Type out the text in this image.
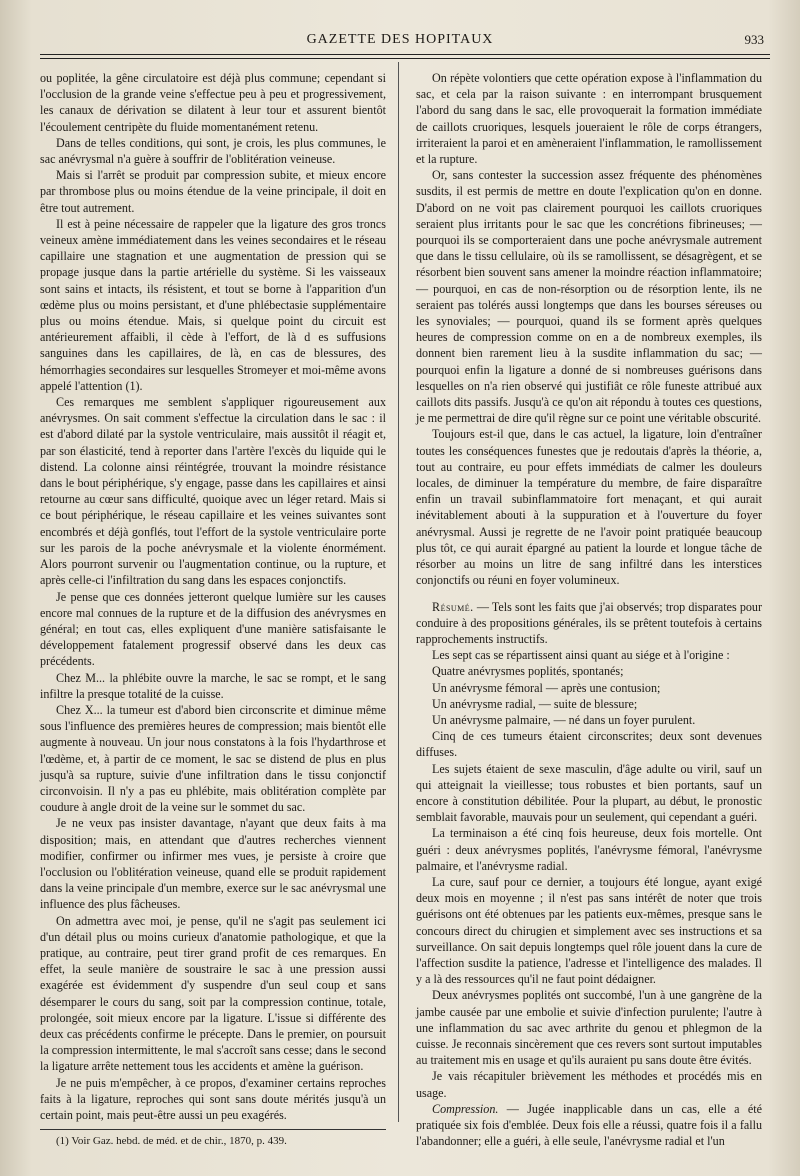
GAZETTE DES HOPITAUX	933

ou poplitée, la gêne circulatoire est déjà plus commune; cependant si l'occlusion de la grande veine s'effectue peu à peu et progressivement, les canaux de dérivation se dilatent à leur tour et assurent bientôt l'écoulement centripète du fluide momentanément retenu.

Dans de telles conditions, qui sont, je crois, les plus communes, le sac anévrysmal n'a guère à souffrir de l'oblitération veineuse.

Mais si l'arrêt se produit par compression subite, et mieux encore par thrombose plus ou moins étendue de la veine principale, il doit en être tout autrement.

Il est à peine nécessaire de rappeler que la ligature des gros troncs veineux amène immédiatement dans les veines secondaires et le réseau capillaire une stagnation et une augmentation de pression qui se propage jusque dans la partie artérielle du système. Si les vaisseaux sont sains et intacts, ils résistent, et tout se borne à l'apparition d'un œdème plus ou moins persistant, et d'une phlébectasie supplémentaire plus ou moins étendue. Mais, si quelque point du circuit est antérieurement affaibli, il cède à l'effort, de là d es suffusions sanguines dans les capillaires, de là, en cas de blessures, des hémorrhagies secondaires sur lesquelles Stromeyer et moi-même avons appelé l'attention (1).

Ces remarques me semblent s'appliquer rigoureusement aux anévrysmes. On sait comment s'effectue la circulation dans le sac : il est d'abord dilaté par la systole ventriculaire, mais aussitôt il réagit et, par son élasticité, tend à reporter dans l'artère l'excès du liquide qui le distend. La colonne ainsi réintégrée, trouvant la moindre résistance dans le bout périphérique, s'y engage, passe dans les capillaires et ainsi retourne au cœur sans difficulté, quoique avec un léger retard. Mais si ce bout périphérique, le réseau capillaire et les veines suivantes sont encombrés et déjà gonflés, tout l'effort de la systole ventriculaire porte sur les parois de la poche anévrysmale et la violente énormément. Alors pourront survenir ou l'augmentation continue, ou la rupture, et après celle-ci l'infiltration du sang dans les espaces conjonctifs.

Je pense que ces données jetteront quelque lumière sur les causes encore mal connues de la rupture et de la diffusion des anévrysmes en général; en tout cas, elles expliquent d'une manière satisfaisante le développement fatalement progressif observé dans les deux cas précédents.

Chez M... la phlébite ouvre la marche, le sac se rompt, et le sang infiltre la presque totalité de la cuisse.

Chez X... la tumeur est d'abord bien circonscrite et diminue même sous l'influence des premières heures de compression; mais bientôt elle augmente à nouveau. Un jour nous constatons à la fois l'hydarthrose et l'œdème, et, à partir de ce moment, le sac se distend de plus en plus jusqu'à sa rupture, suivie d'une infiltration dans le tissu conjonctif circonvoisin. Il n'y a pas eu phlébite, mais oblitération complète par coudure à angle droit de la veine sur le sommet du sac.

Je ne veux pas insister davantage, n'ayant que deux faits à ma disposition; mais, en attendant que d'autres recherches viennent modifier, confirmer ou infirmer mes vues, je persiste à croire que l'occlusion ou l'oblitération veineuse, quand elle se produit rapidement dans la veine principale d'un membre, exerce sur le sac anévrysmal une influence des plus fâcheuses.

On admettra avec moi, je pense, qu'il ne s'agit pas seulement ici d'un détail plus ou moins curieux d'anatomie pathologique, et que la pratique, au contraire, peut tirer grand profit de ces remarques. En effet, la seule manière de soustraire le sac à une pression aussi exagérée est évidemment d'y suspendre d'un seul coup et sans désemparer le cours du sang, soit par la compression continue, totale, prolongée, soit mieux encore par la ligature. L'issue si différente des deux cas précédents confirme le précepte. Dans le premier, on poursuit la compression intermittente, le mal s'accroît sans cesse; dans le second la ligature arrête nettement tous les accidents et amène la guérison.

Je ne puis m'empêcher, à ce propos, d'examiner certains reproches faits à la ligature, reproches qui sont sans doute mérités jusqu'à un certain point, mais peut-être aussi un peu exagérés.

(1) Voir Gaz. hebd. de méd. et de chir., 1870, p. 439.

On répète volontiers que cette opération expose à l'inflammation du sac, et cela par la raison suivante : en interrompant brusquement l'abord du sang dans le sac, elle provoquerait la formation immédiate de caillots cruoriques, lesquels joueraient le rôle de corps étrangers, irriteraient la paroi et en amèneraient l'inflammation, le ramollissement et la rupture.

Or, sans contester la succession assez fréquente des phénomènes susdits, il est permis de mettre en doute l'explication qu'on en donne. D'abord on ne voit pas clairement pourquoi les caillots cruoriques seraient plus irritants pour le sac que les concrétions fibrineuses; — pourquoi ils se comporteraient dans une poche anévrysmale autrement que dans le tissu cellulaire, où ils se ramollissent, se désagrègent, et se résorbent bien souvent sans amener la moindre réaction inflammatoire; — pourquoi, en cas de non-résorption ou de résorption lente, ils ne seraient pas tolérés aussi longtemps que dans les bourses séreuses ou les synoviales; — pourquoi, quand ils se forment après quelques heures de compression comme on en a de nombreux exemples, ils donnent bien rarement lieu à la susdite inflammation du sac; — pourquoi enfin la ligature a donné de si nombreuses guérisons dans lesquelles on n'a rien observé qui justifiât ce rôle funeste attribué aux caillots dits passifs. Jusqu'à ce qu'on ait répondu à toutes ces questions, je me permettrai de dire qu'il règne sur ce point une véritable obscurité.

Toujours est-il que, dans le cas actuel, la ligature, loin d'entraîner toutes les conséquences funestes que je redoutais d'après la théorie, a, tout au contraire, eu pour effets immédiats de calmer les douleurs locales, de diminuer la température du membre, de faire disparaître enfin un travail subinflammatoire fort menaçant, et qui aurait inévitablement abouti à la suppuration et à l'ouverture du foyer anévrysmal. Aussi je regrette de ne l'avoir point pratiquée beaucoup plus tôt, ce qui aurait épargné au patient la lourde et longue tâche de résorber au moins un litre de sang infiltré dans les interstices conjonctifs ou réuni en foyer volumineux.

Résumé. — Tels sont les faits que j'ai observés; trop disparates pour conduire à des propositions générales, ils se prêtent toutefois à certains rapprochements instructifs.

Les sept cas se répartissent ainsi quant au siége et à l'origine :

Quatre anévrysmes poplités, spontanés;

Un anévrysme fémoral — après une contusion;

Un anévrysme radial, — suite de blessure;

Un anévrysme palmaire, — né dans un foyer purulent.

Cinq de ces tumeurs étaient circonscrites; deux sont devenues diffuses.

Les sujets étaient de sexe masculin, d'âge adulte ou viril, sauf un qui atteignait la vieillesse; tous robustes et bien portants, sauf un encore à constitution débilitée. Pour la plupart, au début, le pronostic semblait favorable, mauvais pour un seulement, qui cependant a guéri.

La terminaison a été cinq fois heureuse, deux fois mortelle. Ont guéri : deux anévrysmes poplités, l'anévrysme fémoral, l'anévrysme palmaire, et l'anévrysme radial.

La cure, sauf pour ce dernier, a toujours été longue, ayant exigé deux mois en moyenne ; il n'est pas sans intérêt de noter que trois guérisons ont été obtenues par les patients eux-mêmes, presque sans le concours direct du chirugien et simplement avec ses instructions et sa surveillance. On sait depuis longtemps quel rôle jouent dans la cure de l'affection susdite la patience, l'adresse et l'intelligence des malades. Il y a là des ressources qu'il ne faut point dédaigner.

Deux anévrysmes poplités ont succombé, l'un à une gangrène de la jambe causée par une embolie et suivie d'infection purulente; l'autre à une inflammation du sac avec arthrite du genou et phlegmon de la cuisse. Je reconnais sincèrement que ces revers sont surtout imputables au traitement mis en usage et qu'ils auraient pu sans doute être évités.

Je vais récapituler brièvement les méthodes et procédés mis en usage.

Compression. — Jugée inapplicable dans un cas, elle a été pratiquée six fois d'emblée. Deux fois elle a réussi, quatre fois il a fallu l'abandonner; elle a guéri, à elle seule, l'anévrysme radial et l'un
